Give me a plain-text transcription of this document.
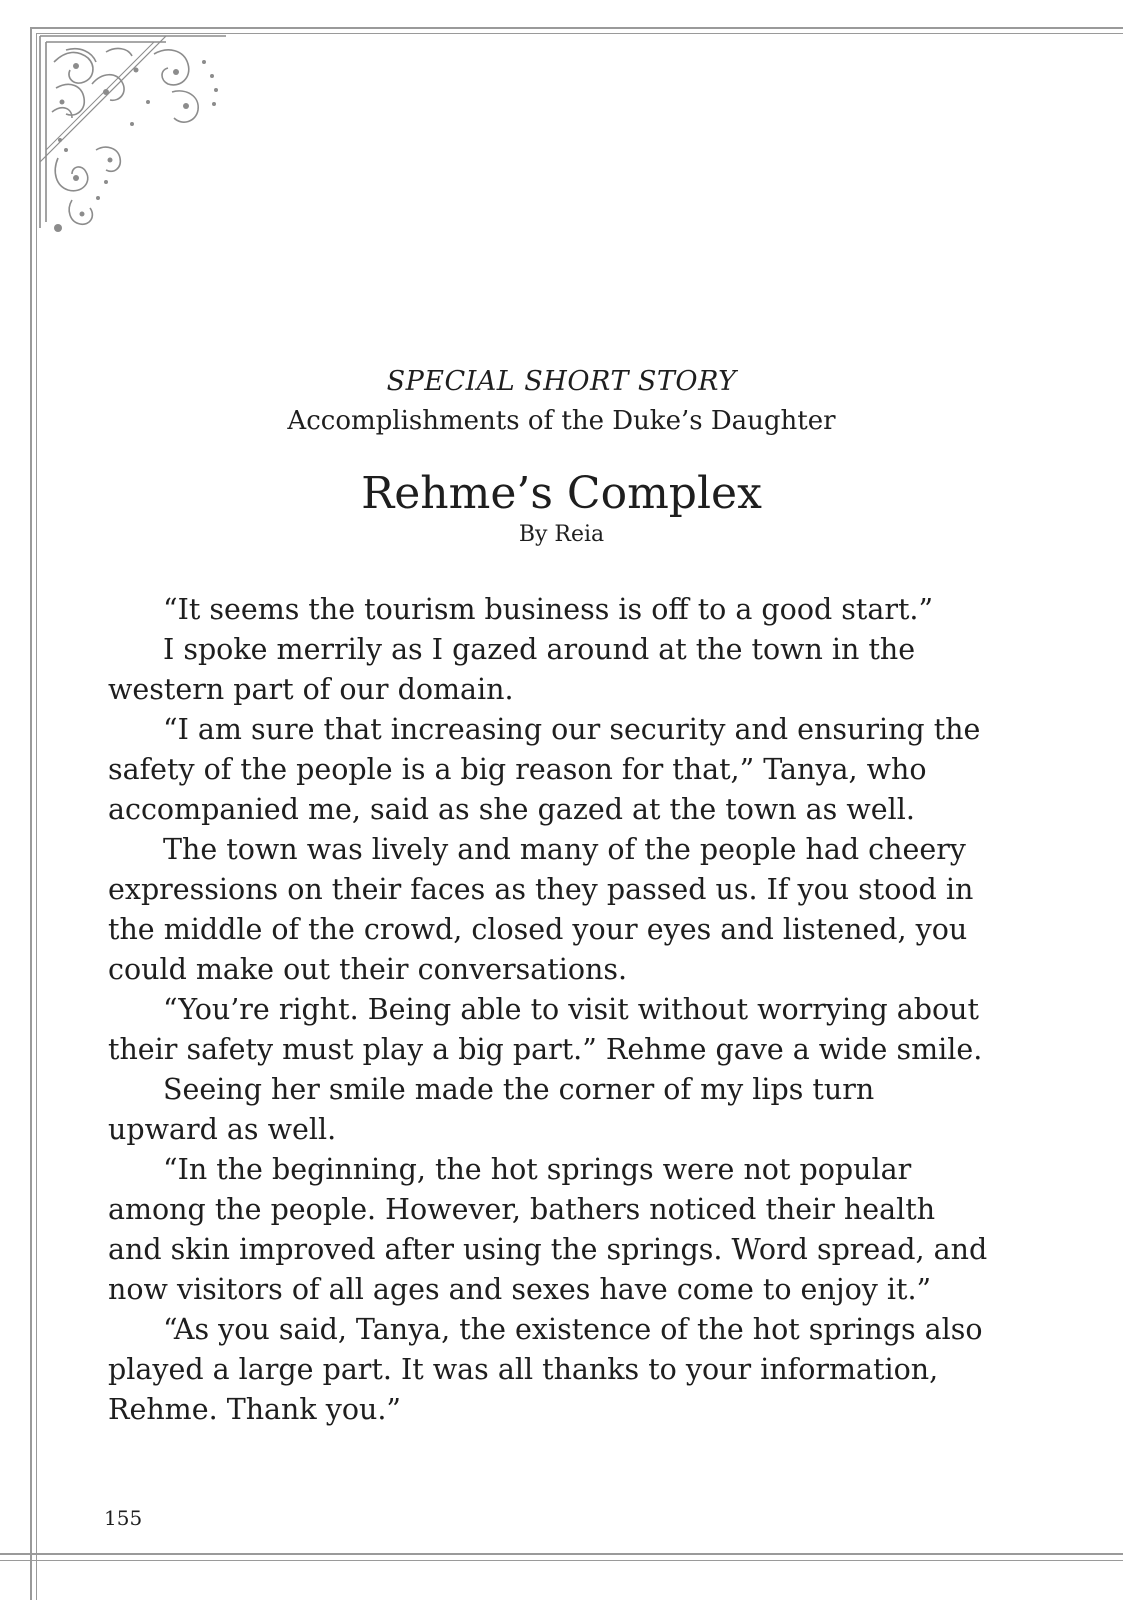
SPECIAL SHORT STORY
Accomplishments of the Duke’s Daughter
Rehme’s Complex
By Reia

“It seems the tourism business is off to a good start.”

I spoke merrily as I gazed around at the town in the western part of our domain.

“I am sure that increasing our security and ensuring the safety of the people is a big reason for that,” Tanya, who accompanied me, said as she gazed at the town as well.

The town was lively and many of the people had cheery expressions on their faces as they passed us. If you stood in the middle of the crowd, closed your eyes and listened, you could make out their conversations.

“You’re right. Being able to visit without worrying about their safety must play a big part.” Rehme gave a wide smile.

Seeing her smile made the corner of my lips turn upward as well.

“In the beginning, the hot springs were not popular among the people. However, bathers noticed their health and skin improved after using the springs. Word spread, and now visitors of all ages and sexes have come to enjoy it.”

“As you said, Tanya, the existence of the hot springs also played a large part. It was all thanks to your information, Rehme. Thank you.”

155
